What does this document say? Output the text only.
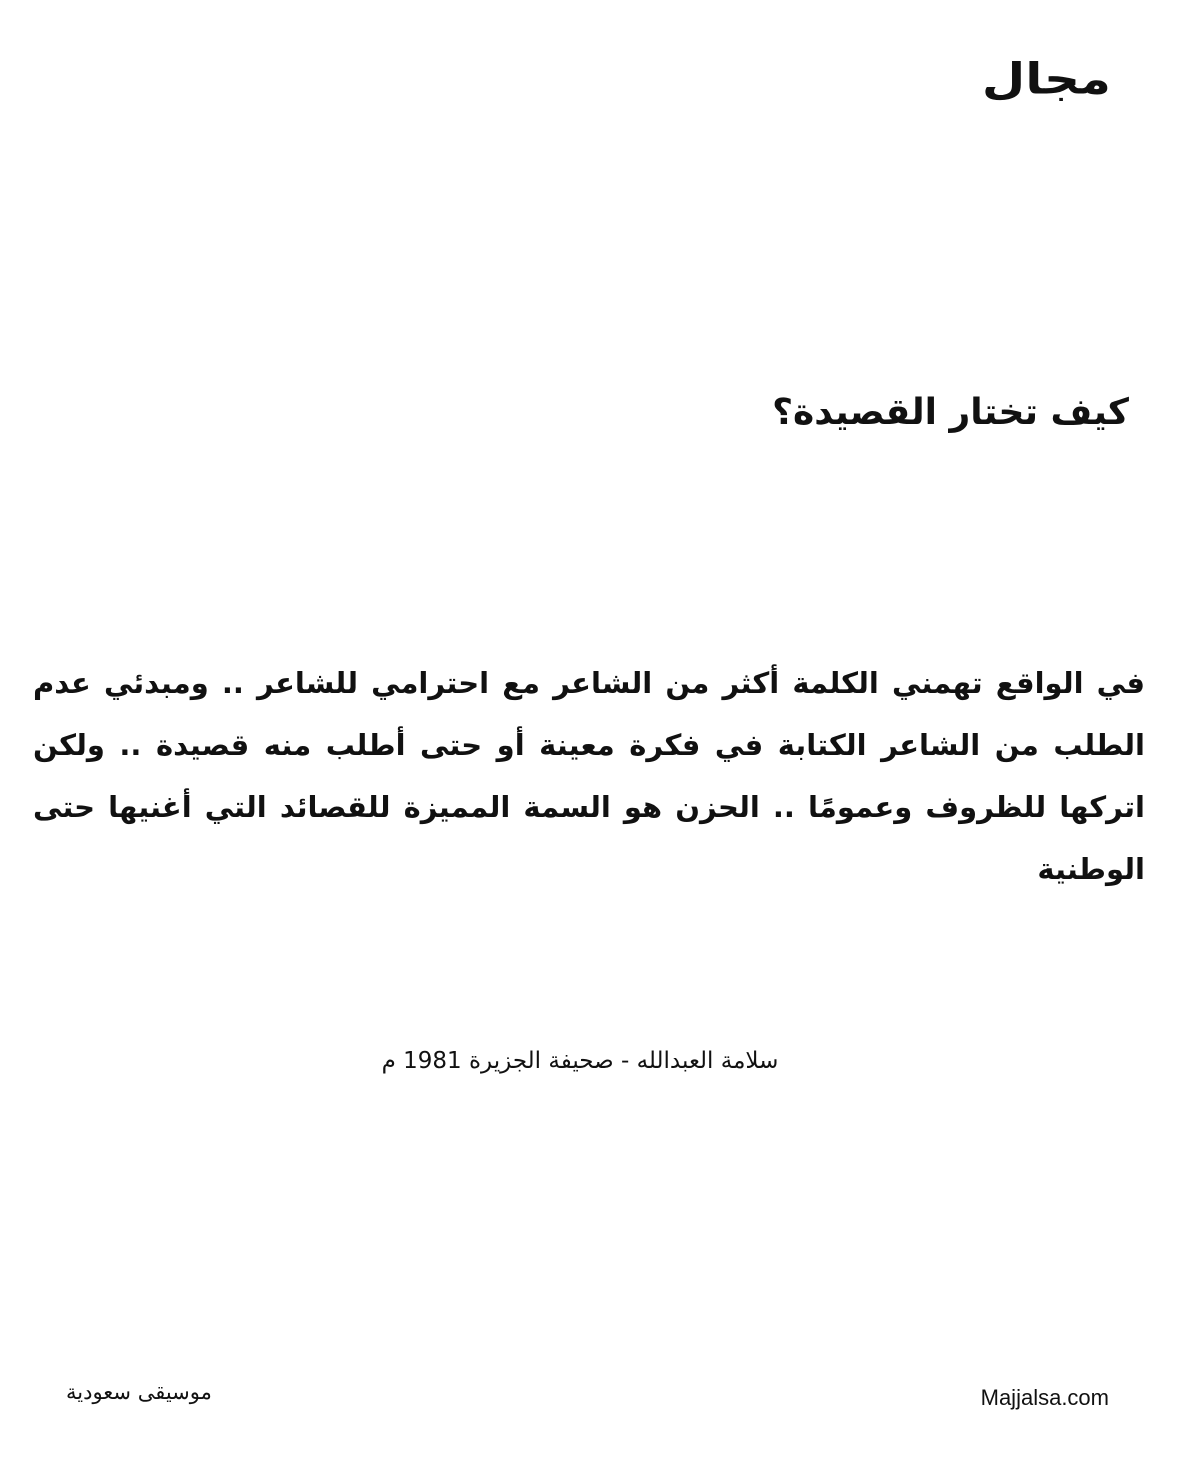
مجال
كيف تختار القصيدة؟
في الواقع تهمني الكلمة أكثر من الشاعر مع احترامي للشاعر .. ومبدئي عدم الطلب من الشاعر الكتابة في فكرة معينة أو حتى أطلب منه قصيدة .. ولكن اتركها للظروف وعمومًا .. الحزن هو السمة المميزة للقصائد التي أغنيها حتى الوطنية
سلامة العبدالله - صحيفة الجزيرة 1981 م
موسيقى سعودية	Majjalsa.com
